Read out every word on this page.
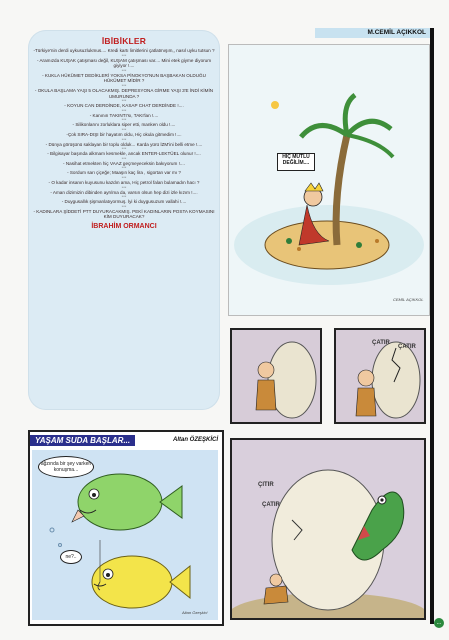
İBİBİKLER
-Türkiye'nin derdi uykusuzlukmus.... Kredi kartı limitlerini çatlatmışım,, nasıl uyku tutsun ?
***
- Aramızda KUŞAK çatışması değil, KUŞAM çatışması var.... Mini etek giyme diyorum giyiyor !....
***
- KUKLA HÜKÜMET DEDİKLERİ YOKSA PİNOKYO'NUN BAŞBAKAN OLDUĞU HÜKÜMET MİDİR ?
***
- OKULA BAŞLAMA YAŞI 5 OLACAKMIŞ. DEPRESYONA GİRME YAŞI 3'E İNDİ KİMİN UMURUNDA ?
***
- KOYUN CAN DERDİNDE, KASAP CHAT DERDİNDE !....
***
- Kanının TAKINTI'sı, TAKI'lan !....
***
- Silikonlarını zorluklara siper etti, manken oldu !....
***
-Çok SIRA-DIŞI bir hayatım oldu, Hiç okula gitmedim !....
***
- Dünya görüşünü saklayan bir toplu olduk... Karda yürü İZM'ini belli etme !....
***
- Bilgisayar başında alkmam kesmekle, ancak ENTER-LEKTÜEL olunur !....
***
- Nasihat etmekten hiç VAAZ geçmeyeceksin bakıyorum !....
***
- Sordum sarı çiçeğe; Maaşın kaç lira , sigortan var mı ?
***
- O kadar insanın kuyusunu kazdın ama, Hiç petrol falan bulamadın hacı ?
***
- Aman dizimizin dibinden ayrılma da, varsın olsun hep dizi izle kızım !....
***
- Duygusallık şişmanlatıyormuş. İyi ki duygusuzum vallahi !....
***
- KADINLARA ŞİDDETİ PTT DUYURACAKMIŞ. PEKİ KADINLARIN POSTA KOYMASINI KİM DUYURACAK?
İBRAHİM ORMANCI
YAŞAM SUDA BAŞLAR...	Altan ÖZEŞKİCİ
ağzında bir şey varken konuşma...
ne?..
Altan Özeşkici
M.CEMİL AÇIKKOL
HİÇ MUTLU DEĞİLİM....
CEMİL AÇIKKOL
ÇATIR
ÇATIR
ÇITIR
ÇATIR
...
